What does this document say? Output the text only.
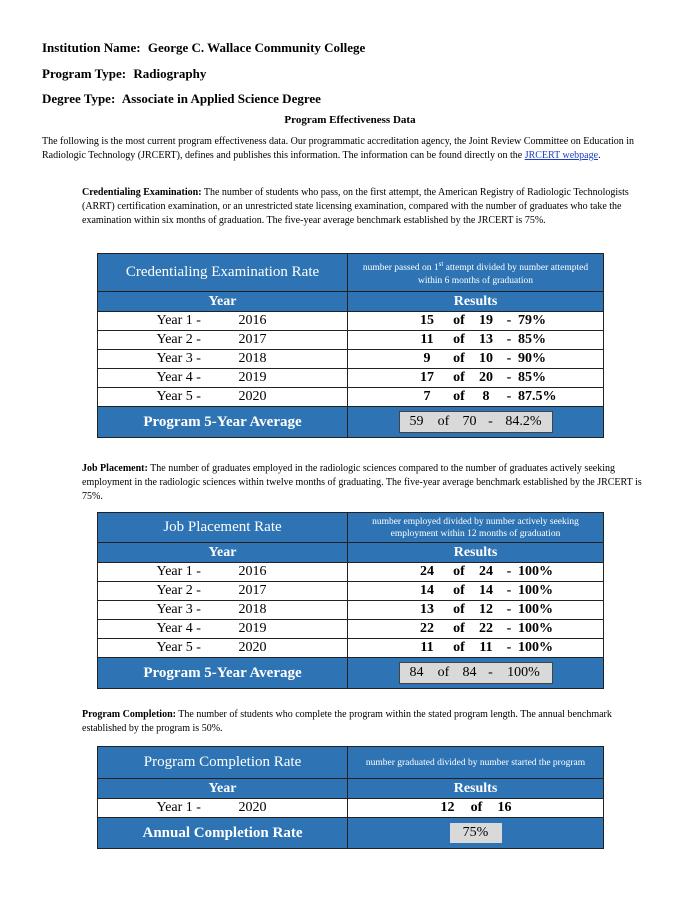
Institution Name: George C. Wallace Community College
Program Type: Radiography
Degree Type: Associate in Applied Science Degree
Program Effectiveness Data
The following is the most current program effectiveness data. Our programmatic accreditation agency, the Joint Review Committee on Education in Radiologic Technology (JRCERT), defines and publishes this information. The information can be found directly on the JRCERT webpage.
Credentialing Examination: The number of students who pass, on the first attempt, the American Registry of Radiologic Technologists (ARRT) certification examination, or an unrestricted state licensing examination, compared with the number of graduates who take the examination within six months of graduation. The five-year average benchmark established by the JRCERT is 75%.
Credentialing Examination Rate	number passed on 1st attempt divided by number attempted within 6 months of graduation
Year	Results
Year 1 - 2016	15 of 19 - 79%
Year 2 - 2017	11 of 13 - 85%
Year 3 - 2018	9 of 10 - 90%
Year 4 - 2019	17 of 20 - 85%
Year 5 - 2020	7 of 8 - 87.5%
Program 5-Year Average	59 of 70 - 84.2%
Job Placement: The number of graduates employed in the radiologic sciences compared to the number of graduates actively seeking employment in the radiologic sciences within twelve months of graduating. The five-year average benchmark established by the JRCERT is 75%.
Job Placement Rate	number employed divided by number actively seeking employment within 12 months of graduation
Year	Results
Year 1 - 2016	24 of 24 - 100%
Year 2 - 2017	14 of 14 - 100%
Year 3 - 2018	13 of 12 - 100%
Year 4 - 2019	22 of 22 - 100%
Year 5 - 2020	11 of 11 - 100%
Program 5-Year Average	84 of 84 - 100%
Program Completion: The number of students who complete the program within the stated program length. The annual benchmark established by the program is 50%.
Program Completion Rate	number graduated divided by number started the program
Year	Results
Year 1 - 2020	12 of 16
Annual Completion Rate	75%
